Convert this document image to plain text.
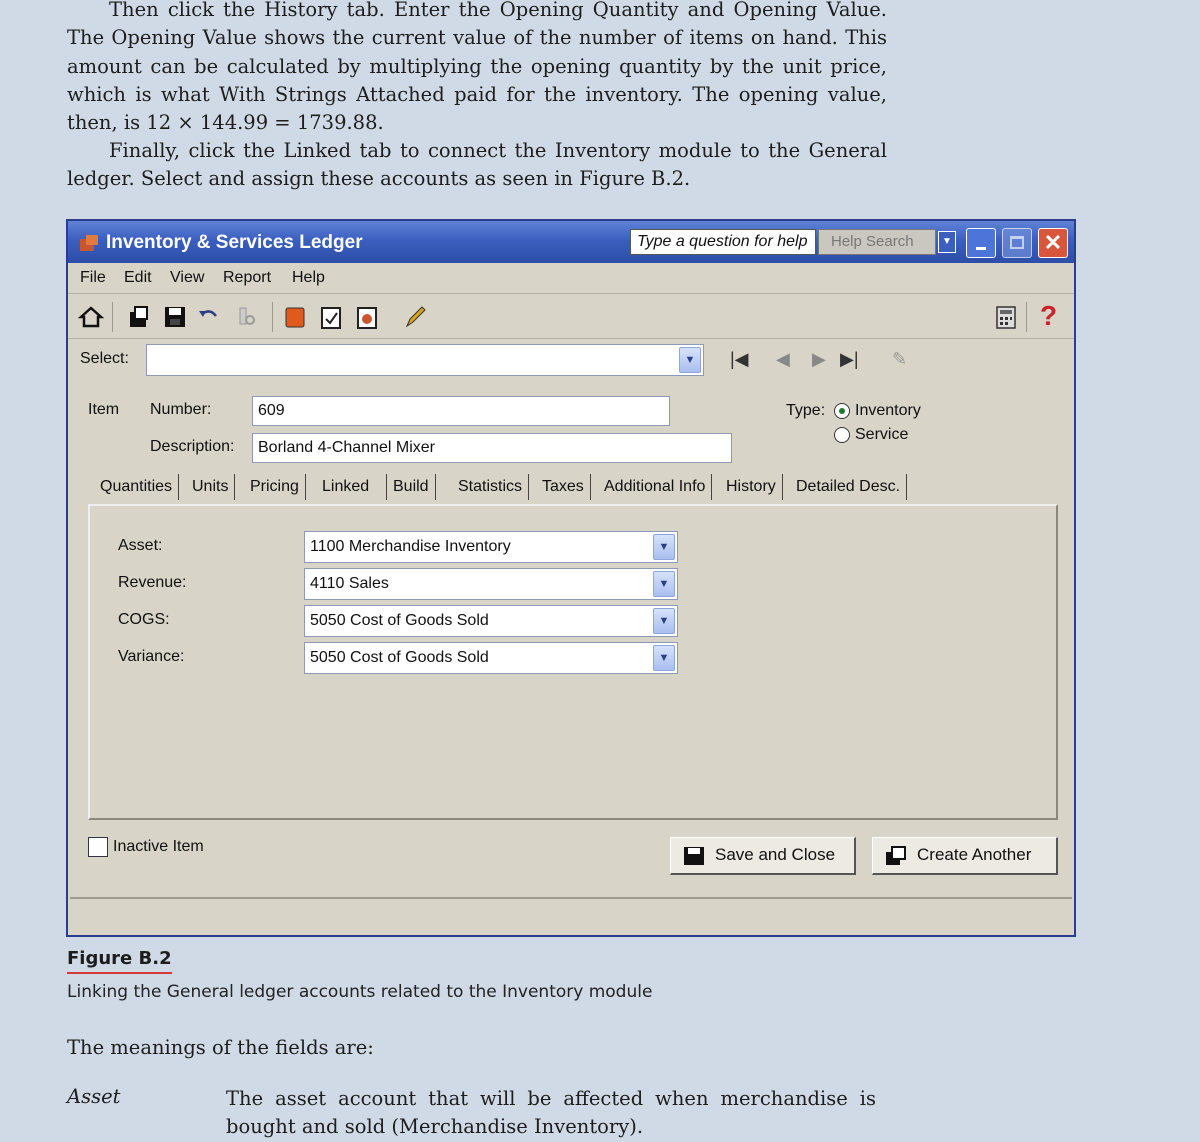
Then click the History tab. Enter the Opening Quantity and Opening Value. The Opening Value shows the current value of the number of items on hand. This amount can be calculated by multiplying the opening quantity by the unit price, which is what With Strings Attached paid for the inventory. The opening value, then, is 12 × 144.99 = 1739.88.

Finally, click the Linked tab to connect the Inventory module to the General ledger. Select and assign these accounts as seen in Figure B.2.

Inventory & Services Ledger	Type a question for help	Help Search	▼	✕
File Edit View Report Help
?
Select:	▼	|◀ ◀ ▶ ▶| ✎
Item Number:	609
Description:	Borland 4-Channel Mixer
Type: Inventory
Service
Quantities	Units	Pricing	Linked	Build	Statistics	Taxes	Additional Info	History	Detailed Desc.
Asset:	1100 Merchandise Inventory	▼
Revenue:	4110 Sales	▼
COGS:	5050 Cost of Goods Sold	▼
Variance:	5050 Cost of Goods Sold	▼
Inactive Item	Save and Close	Create Another
Figure B.2
Linking the General ledger accounts related to the Inventory module
The meanings of the fields are:
Asset	The asset account that will be affected when merchandise is bought and sold (Merchandise Inventory).
